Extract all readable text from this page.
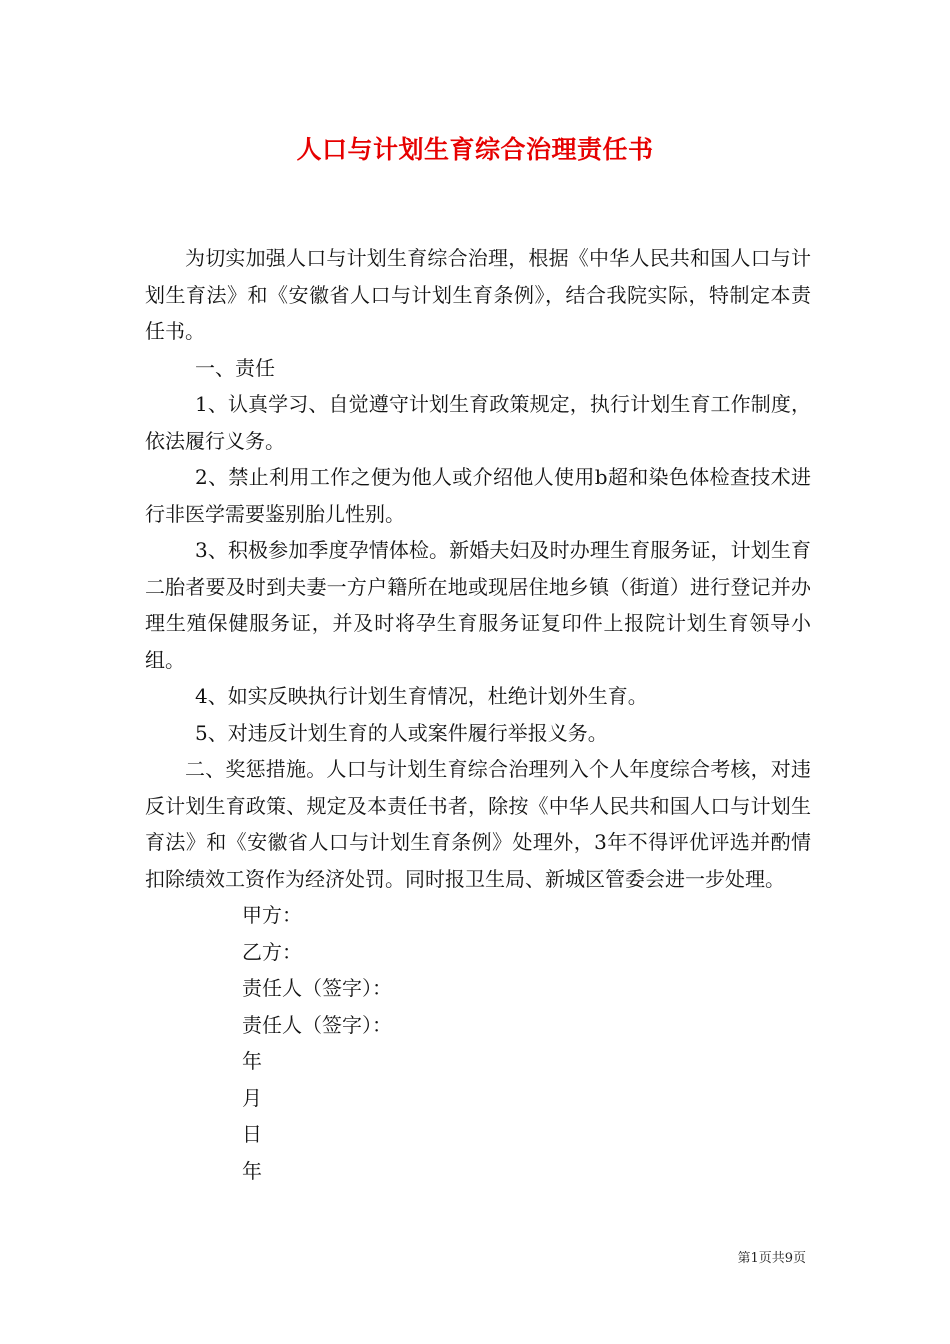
人口与计划生育综合治理责任书

为切实加强人口与计划生育综合治理，根据《中华人民共和国人口与计划生育法》和《安徽省人口与计划生育条例》，结合我院实际，特制定本责任书。

一、责任

1、认真学习、自觉遵守计划生育政策规定，执行计划生育工作制度，依法履行义务。

2、禁止利用工作之便为他人或介绍他人使用b超和染色体检查技术进行非医学需要鉴别胎儿性别。

3、积极参加季度孕情体检。新婚夫妇及时办理生育服务证，计划生育二胎者要及时到夫妻一方户籍所在地或现居住地乡镇（街道）进行登记并办理生殖保健服务证，并及时将孕生育服务证复印件上报院计划生育领导小组。

4、如实反映执行计划生育情况，杜绝计划外生育。

5、对违反计划生育的人或案件履行举报义务。

二、奖惩措施。人口与计划生育综合治理列入个人年度综合考核，对违反计划生育政策、规定及本责任书者，除按《中华人民共和国人口与计划生育法》和《安徽省人口与计划生育条例》处理外，3年不得评优评选并酌情扣除绩效工资作为经济处罚。同时报卫生局、新城区管委会进一步处理。

甲方：

乙方：

责任人（签字）：

责任人（签字）：

年

月

日

年

第1页共9页
